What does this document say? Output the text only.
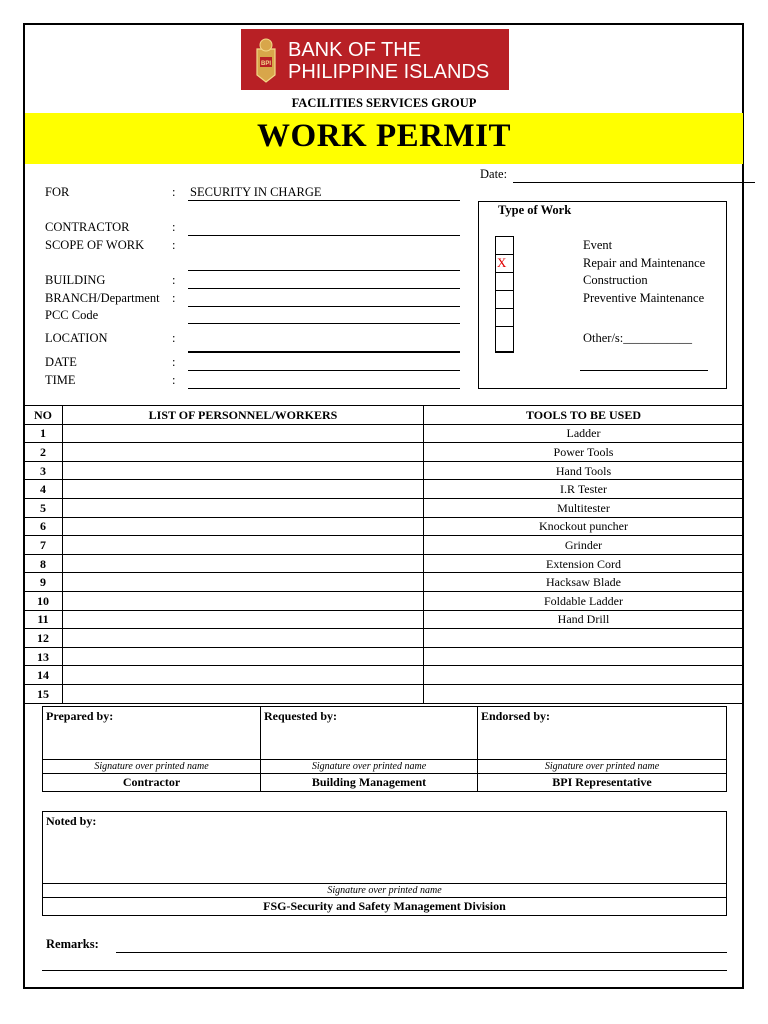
BPI
BANK OF THE
PHILIPPINE ISLANDS
FACILITIES SERVICES GROUP
WORK PERMIT
Date:
FOR	: SECURITY IN CHARGE
CONTRACTOR	:
SCOPE OF WORK :
BUILDING	:
BRANCH/Department :
PCC Code
LOCATION	:
DATE	:
TIME	:
Type of Work
X
Event
Repair and Maintenance
Construction
Preventive Maintenance
Other/s:___________
NO	LIST OF PERSONNEL/WORKERS	TOOLS TO BE USED
1		Ladder
2		Power Tools
3		Hand Tools
4		I.R Tester
5		Multitester
6		Knockout puncher
7		Grinder
8		Extension Cord
9		Hacksaw Blade
10		Foldable Ladder
11		Hand Drill
12		
13		
14		
15		
Prepared by:	Requested by:	Endorsed by:
Signature over printed name	Signature over printed name	Signature over printed name
Contractor	Building Management	BPI Representative
Noted by:
Signature over printed name
FSG-Security and Safety Management Division
Remarks:
